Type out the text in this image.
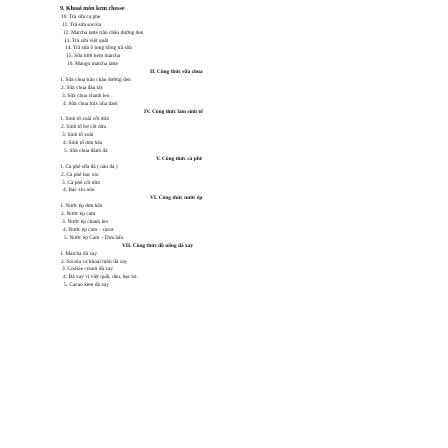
9. Khoai môn kem chesse
10. Trà sữa ca phe
11. Trà sữa socola
12. Matcha latte trân châu đường đen
13. Trà sữa việt quất
14. Trà sữa ô long hồng trà sữa
15. Sữa tươi kem matcha
16. Mango matcha latte
II. Công thức sữa chua
1. Sữa chua trân châu đường đen
2. Sữa chua dâu tây
3. Sữa chua chanh leo
4. Sữa chua mix nha đam
IV. Công thức làm sinh tố
1. Sinh tố xoài cốt dừa
2. Sinh tố bơ cốt dừa
3. Sinh tố xoài
4. Sinh tố dưa hấu
5. Sữa chua đánh đá
V. Công thức cà phê
1. Cà phê sữa đá ( nâu đá )
2. Cà phê bạc xỉu
3. Cà phê cốt dừa
4. Bạc xỉu nón
VI. Công thức nước ép
1. Nước ép dưa hấu
2. Nước ép cam
3. Nước ép chanh leo
4. Nước ép cam – carot
5. Nước ép Cam – Dưa hấu
VII. Công thức đồ uống đá xay
1. Matcha đá xay
2. Socola và khoai môn đá xay
3. Cookie cream đá xay
4. Đá xay vị việt quất, dâu, bạc hà
5. Cacao kem đá xay
